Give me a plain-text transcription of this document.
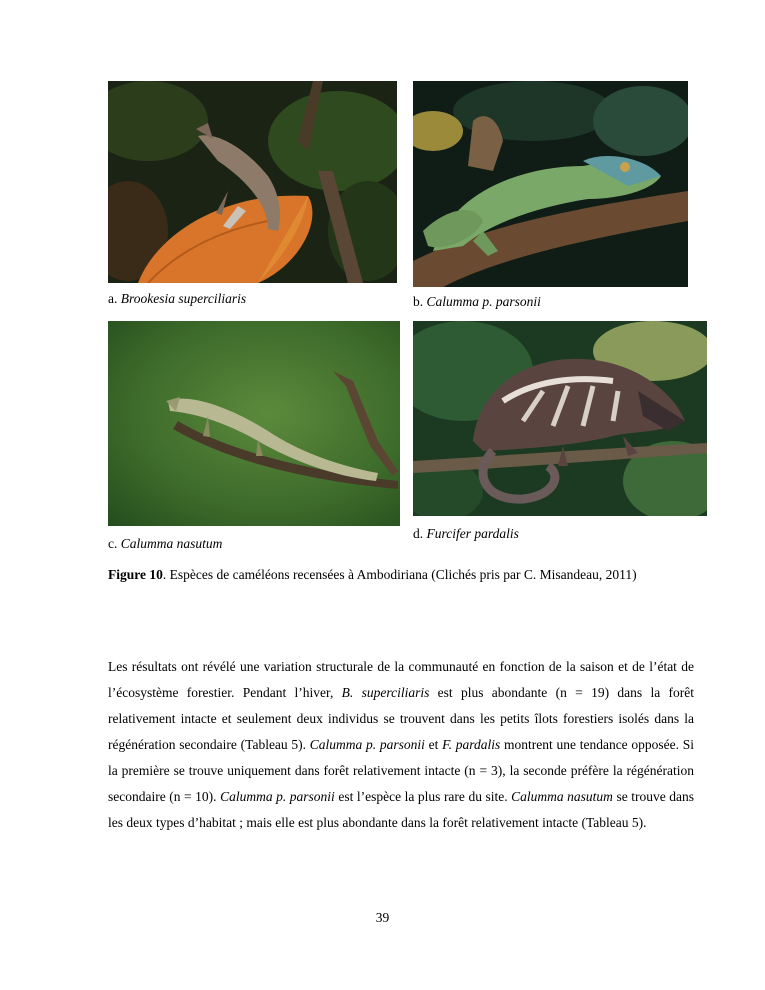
a. Brookesia superciliaris	b. Calumma p. parsonii
c. Calumma nasutum
d. Furcifer pardalis
Figure 10. Espèces de caméléons recensées à Ambodiriana (Clichés pris par C. Misandeau, 2011)

Les résultats ont révélé une variation structurale de la communauté en fonction de la saison et de l’état de l’écosystème forestier. Pendant l’hiver, B. superciliaris est plus abondante (n = 19) dans la forêt relativement intacte et seulement deux individus se trouvent dans les petits îlots forestiers isolés dans la régénération secondaire (Tableau 5). Calumma p. parsonii et F. pardalis montrent une tendance opposée. Si la première se trouve uniquement dans forêt relativement intacte (n = 3), la seconde préfère la régénération secondaire (n = 10). Calumma p. parsonii est l’espèce la plus rare du site. Calumma nasutum se trouve dans les deux types d’habitat ; mais elle est plus abondante dans la forêt relativement intacte (Tableau 5).

39
